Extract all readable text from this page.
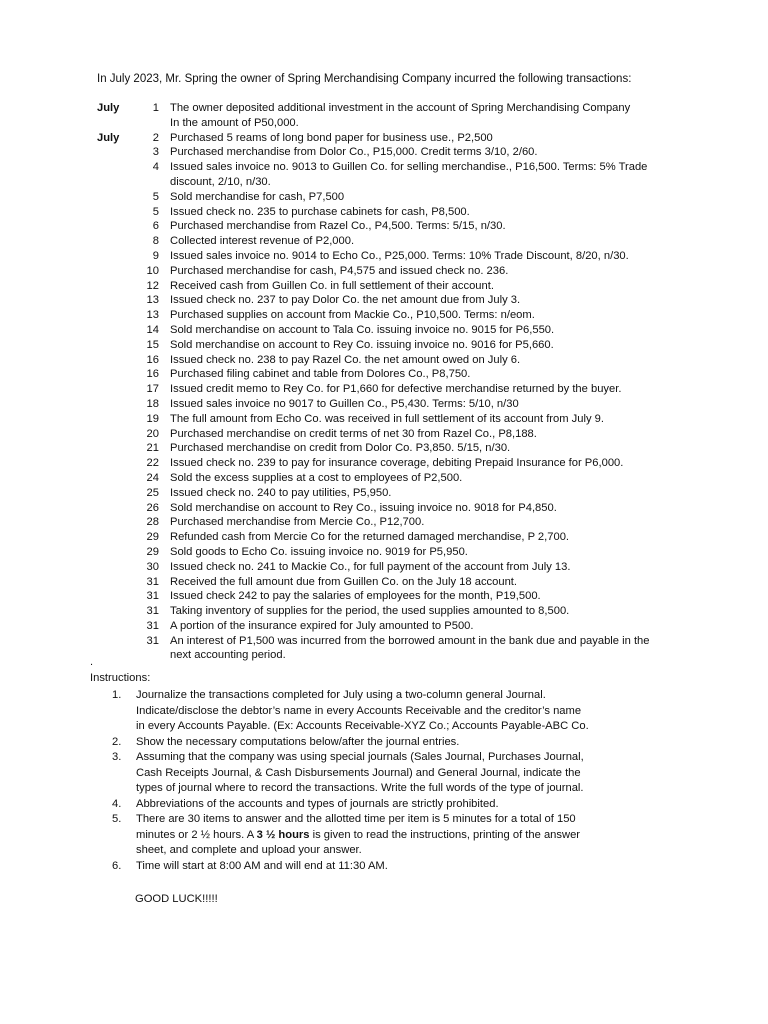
In July 2023, Mr. Spring the owner of Spring Merchandising Company incurred the following transactions:
July	1	The owner deposited additional investment in the account of Spring Merchandising Company
		In the amount of P50,000.
July	2	Purchased 5 reams of long bond paper for business use., P2,500
	3	Purchased merchandise from Dolor Co., P15,000. Credit terms 3/10, 2/60.
	4	Issued sales invoice no. 9013 to Guillen Co. for selling merchandise., P16,500. Terms: 5% Trade
		discount, 2/10, n/30.
	5	Sold merchandise for cash, P7,500
	5	Issued check no. 235 to purchase cabinets for cash, P8,500.
	6	Purchased merchandise from Razel Co., P4,500. Terms: 5/15, n/30.
	8	Collected interest revenue of P2,000.
	9	Issued sales invoice no. 9014 to Echo Co., P25,000. Terms: 10% Trade Discount, 8/20, n/30.
	10	Purchased merchandise for cash, P4,575 and issued check no. 236.
	12	Received cash from Guillen Co. in full settlement of their account.
	13	Issued check no. 237 to pay Dolor Co. the net amount due from July 3.
	13	Purchased supplies on account from Mackie Co., P10,500. Terms: n/eom.
	14	Sold merchandise on account to Tala Co. issuing invoice no. 9015 for P6,550.
	15	Sold merchandise on account to Rey Co. issuing invoice no. 9016 for P5,660.
	16	Issued check no. 238 to pay Razel Co. the net amount owed on July 6.
	16	Purchased filing cabinet and table from Dolores Co., P8,750.
	17	Issued credit memo to Rey Co. for P1,660 for defective merchandise returned by the buyer.
	18	Issued sales invoice no 9017 to Guillen Co., P5,430. Terms: 5/10, n/30
	19	The full amount from Echo Co. was received in full settlement of its account from July 9.
	20	Purchased merchandise on credit terms of net 30 from Razel Co., P8,188.
	21	Purchased merchandise on credit from Dolor Co. P3,850. 5/15, n/30.
	22	Issued check no. 239 to pay for insurance coverage, debiting Prepaid Insurance for P6,000.
	24	Sold the excess supplies at a cost to employees of P2,500.
	25	Issued check no. 240 to pay utilities, P5,950.
	26	Sold merchandise on account to Rey Co., issuing invoice no. 9018 for P4,850.
	28	Purchased merchandise from Mercie Co., P12,700.
	29	Refunded cash from Mercie Co for the returned damaged merchandise, P 2,700.
	29	Sold goods to Echo Co. issuing invoice no. 9019 for P5,950.
	30	Issued check no. 241 to Mackie Co., for full payment of the account from July 13.
	31	Received the full amount due from Guillen Co. on the July 18 account.
	31	Issued check 242 to pay the salaries of employees for the month, P19,500.
	31	Taking inventory of supplies for the period, the used supplies amounted to 8,500.
	31	A portion of the insurance expired for July amounted to P500.
	31	An interest of P1,500 was incurred from the borrowed amount in the bank due and payable in the
		next accounting period.
.
Instructions:
1.	Journalize the transactions completed for July using a two-column general Journal.
Indicate/disclose the debtor’s name in every Accounts Receivable and the creditor’s name
in every Accounts Payable. (Ex: Accounts Receivable-XYZ Co.; Accounts Payable-ABC Co.
2.	Show the necessary computations below/after the journal entries.
3.	Assuming that the company was using special journals (Sales Journal, Purchases Journal,
Cash Receipts Journal, & Cash Disbursements Journal) and General Journal, indicate the
types of journal where to record the transactions. Write the full words of the type of journal.
4.	Abbreviations of the accounts and types of journals are strictly prohibited.
5.	There are 30 items to answer and the allotted time per item is 5 minutes for a total of 150
minutes or 2 ½ hours. A 3 ½ hours is given to read the instructions, printing of the answer
sheet, and complete and upload your answer.
6.	Time will start at 8:00 AM and will end at 11:30 AM.
GOOD LUCK!!!!!
